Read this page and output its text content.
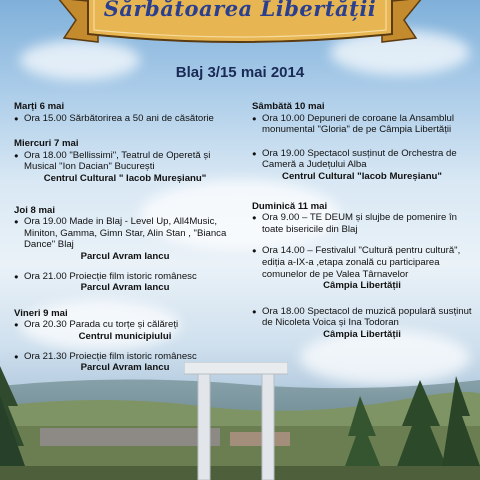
Sărbătoarea Libertății
Blaj 3/15 mai 2014
Marți 6 mai
● Ora 15.00 Sărbătorirea a 50 ani de căsătorie
Miercuri 7 mai
● Ora 18.00 "Bellissimi", Teatrul de Operetă și Musical "Ion Dacian" București
Centrul Cultural " Iacob Mureșianu"
Joi 8 mai
● Ora 19.00 Made in Blaj - Level Up, All4Music, Miniton, Gamma, Gimn Star, Alin Stan , "Bianca Dance" Blaj
Parcul Avram Iancu
● Ora 21.00 Proiecție film istoric românesc
Parcul Avram Iancu
Vineri 9 mai
● Ora 20.30 Parada cu torțe și călăreți
Centrul municipiului
● Ora 21.30 Proiecție film istoric românesc
Parcul Avram Iancu
Sâmbătă 10 mai
● Ora 10.00 Depuneri de coroane la Ansamblul monumental "Gloria" de pe Câmpia Libertății
● Ora 19.00 Spectacol susținut de Orchestra de Cameră a Județului Alba
Centrul Cultural "Iacob Mureșianu"
Duminică 11 mai
● Ora 9.00 – TE DEUM și slujbe de pomenire în toate bisericile din Blaj
● Ora 14.00 – Festivalul "Cultură pentru cultură", ediția a-IX-a ,etapa zonală cu participarea comunelor de pe Valea Târnavelor
Câmpia Libertății
● Ora 18.00 Spectacol de muzică populară susținut de Nicoleta Voica și Ina Todoran
Câmpia Libertății
